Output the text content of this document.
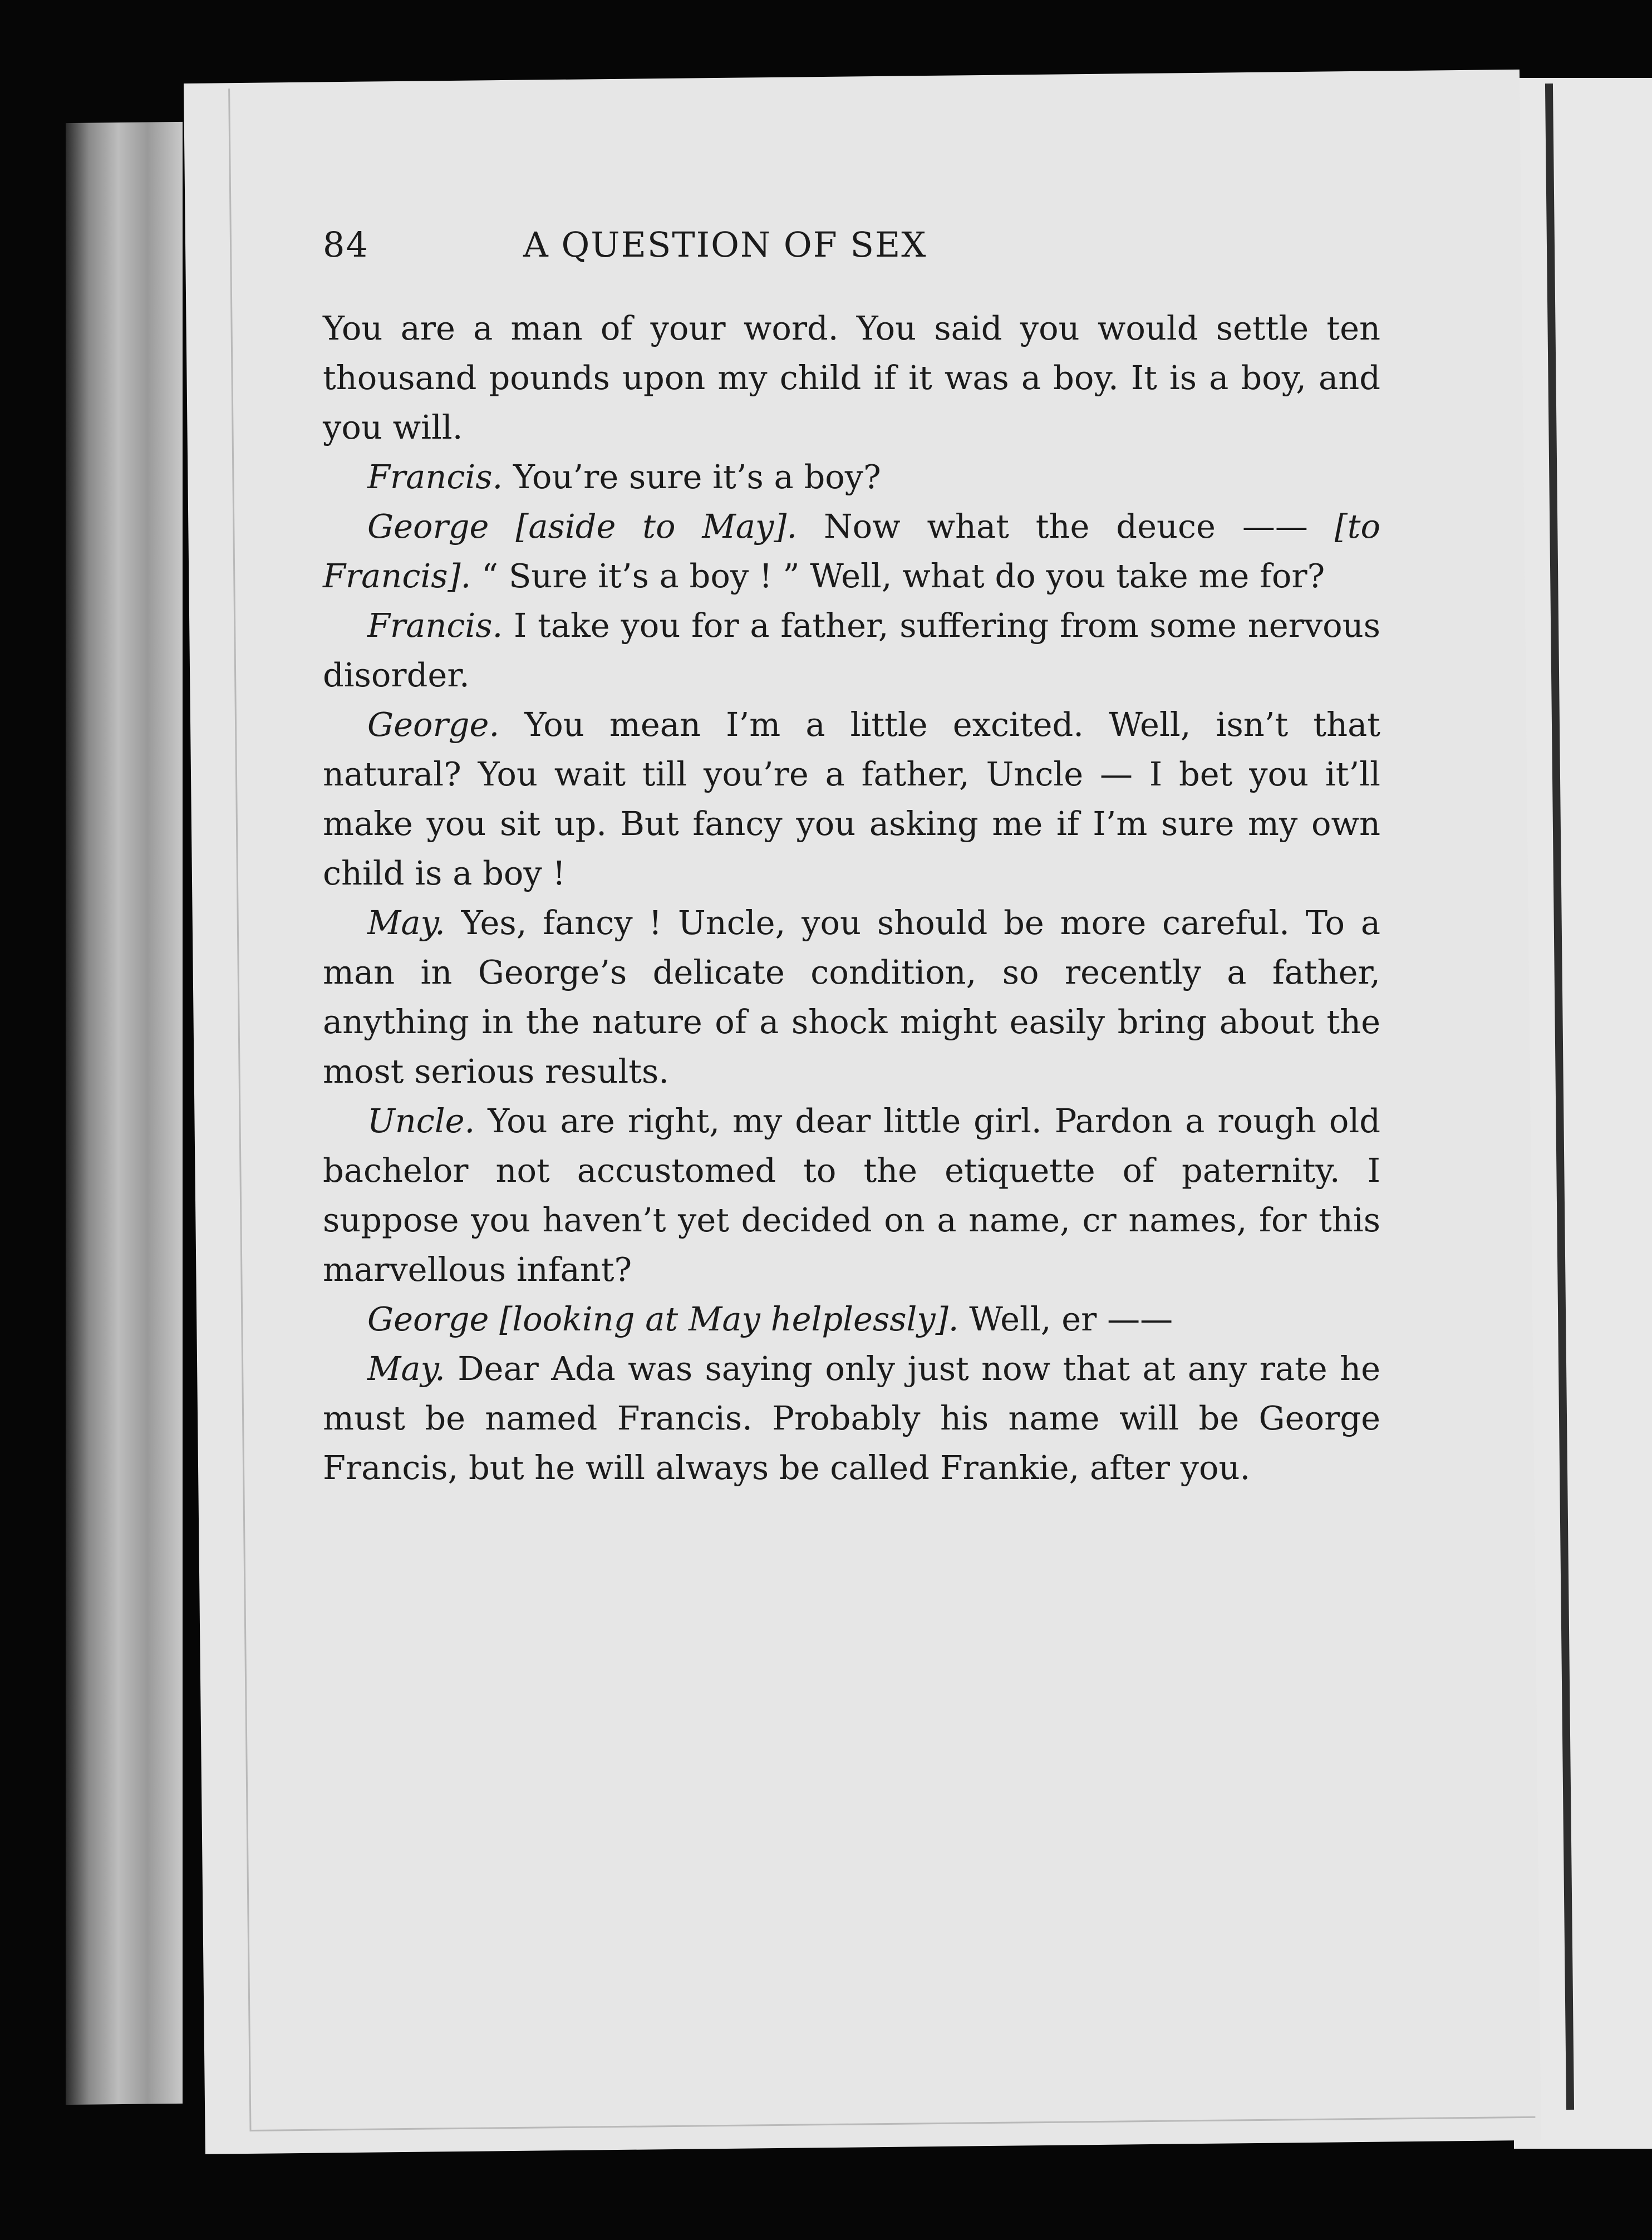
84	A QUESTION OF SEX

You are a man of your word. You said you would settle ten thousand pounds upon my child if it was a boy. It is a boy, and you will.

Francis. You’re sure it’s a boy?

George [aside to May]. Now what the deuce —— [to Francis]. “ Sure it’s a boy ! ” Well, what do you take me for?

Francis. I take you for a father, suffering from some nervous disorder.

George. You mean I’m a little excited. Well, isn’t that natural? You wait till you’re a father, Uncle — I bet you it’ll make you sit up. But fancy you asking me if I’m sure my own child is a boy !

May. Yes, fancy ! Uncle, you should be more careful. To a man in George’s delicate condition, so recently a father, anything in the nature of a shock might easily bring about the most serious results.

Uncle. You are right, my dear little girl. Pardon a rough old bachelor not accustomed to the etiquette of paternity. I suppose you haven’t yet decided on a name, cr names, for this marvellous infant?

George [looking at May helplessly]. Well, er ——

May. Dear Ada was saying only just now that at any rate he must be named Francis. Probably his name will be George Francis, but he will always be called Frankie, after you.
